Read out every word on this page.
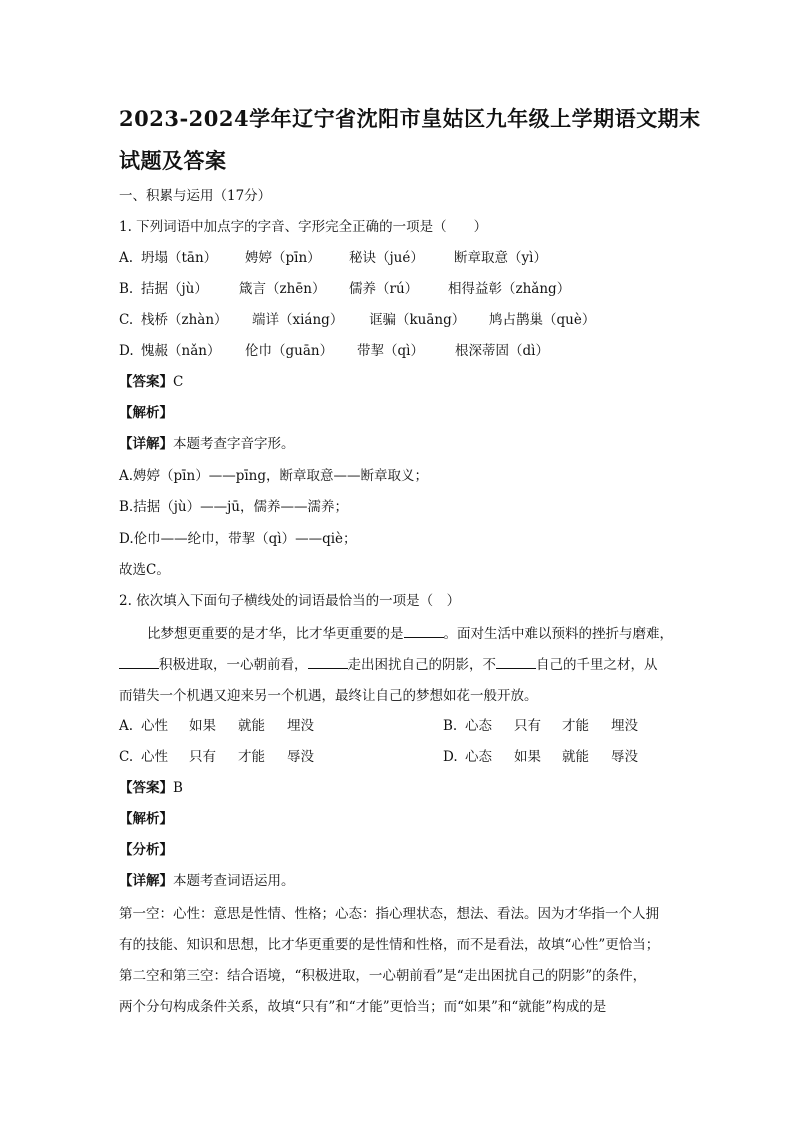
2023-2024学年辽宁省沈阳市皇姑区九年级上学期语文期末
试题及答案
一、积累与运用（17分）
1. 下列词语中加点字的字音、字形完全正确的一项是（　　）
A. 坍塌（tān） 娉婷（pīn） 秘诀（jué） 断章取意（yì）
B. 拮据（jù） 箴言（zhēn） 儒养（rú） 相得益彰（zhǎng）
C. 栈桥（zhàn） 端详（xiáng） 诓骗（kuāng） 鸠占鹊巢（què）
D. 愧赧（nǎn） 伦巾（guān） 带挈（qì） 根深蒂固（dì）
【答案】C
【解析】
【详解】本题考查字音字形。
A.娉婷（pīn）——pīng，断章取意——断章取义；
B.拮据（jù）——jū，儒养——濡养；
D.伦巾——纶巾，带挈（qì）——qiè；
故选C。
2. 依次填入下面句子横线处的词语最恰当的一项是（　）
比梦想更重要的是才华，比才华更重要的是	。面对生活中难以预料的挫折与磨难，
积极进取，一心朝前看，	走出困扰自己的阴影，不	自己的千里之材，从
而错失一个机遇又迎来另一个机遇，最终让自己的梦想如花一般开放。
A. 心性 如果 就能 埋没	B. 心态 只有 才能 埋没
C. 心性 只有 才能 辱没	D. 心态 如果 就能 辱没
【答案】B
【解析】
【分析】
【详解】本题考查词语运用。
第一空：心性：意思是性情、性格；心态：指心理状态，想法、看法。因为才华指一个人拥
有的技能、知识和思想，比才华更重要的是性情和性格，而不是看法，故填“心性”更恰当；
第二空和第三空：结合语境，“积极进取，一心朝前看”是“走出困扰自己的阴影”的条件，
两个分句构成条件关系，故填“只有”和“才能”更恰当；而“如果”和“就能”构成的是
